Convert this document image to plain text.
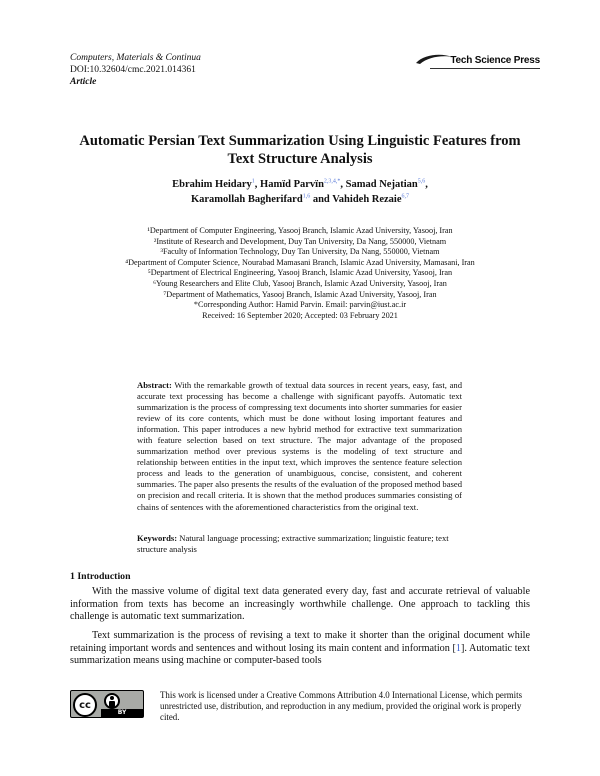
Computers, Materials & Continua
DOI:10.32604/cmc.2021.014361
Article
Tech Science Press
Automatic Persian Text Summarization Using Linguistic Features from Text Structure Analysis
Ebrahim Heidary$^1$, Hamïd Parvïn$^{2,3,4,*}$, Samad Nejatian$^{5,6}$,
Karamollah Bagherifard$^{1,6}$ and Vahideh Rezaie$^{6,7}$
¹Department of Computer Engineering, Yasooj Branch, Islamic Azad University, Yasooj, Iran
²Institute of Research and Development, Duy Tan University, Da Nang, 550000, Vietnam
³Faculty of Information Technology, Duy Tan University, Da Nang, 550000, Vietnam
⁴Department of Computer Science, Nourabad Mamasani Branch, Islamic Azad University, Mamasani, Iran
⁵Department of Electrical Engineering, Yasooj Branch, Islamic Azad University, Yasooj, Iran
⁶Young Researchers and Elite Club, Yasooj Branch, Islamic Azad University, Yasooj, Iran
⁷Department of Mathematics, Yasooj Branch, Islamic Azad University, Yasooj, Iran
*Corresponding Author: Hamid Parvin. Email: parvin@iust.ac.ir
Received: 16 September 2020; Accepted: 03 February 2021
Abstract: With the remarkable growth of textual data sources in recent years, easy, fast, and accurate text processing has become a challenge with significant payoffs. Automatic text summarization is the process of compressing text documents into shorter summaries for easier review of its core contents, which must be done without losing important features and information. This paper introduces a new hybrid method for extractive text summarization with feature selection based on text structure. The major advantage of the proposed summarization method over previous systems is the modeling of text structure and relationship between entities in the input text, which improves the sentence feature selection process and leads to the generation of unambiguous, concise, consistent, and coherent summaries. The paper also presents the results of the evaluation of the proposed method based on precision and recall criteria. It is shown that the method produces summaries consisting of chains of sentences with the aforementioned characteristics from the original text.
Keywords: Natural language processing; extractive summarization; linguistic feature; text structure analysis
1 Introduction

With the massive volume of digital text data generated every day, fast and accurate retrieval of valuable information from texts has become an increasingly worthwhile challenge. One approach to tackling this challenge is automatic text summarization.

Text summarization is the process of revising a text to make it shorter than the original document while retaining important words and sentences and without losing its main content and information [1]. Automatic text summarization means using machine or computer-based tools

cc
BY
This work is licensed under a Creative Commons Attribution 4.0 International License, which permits unrestricted use, distribution, and reproduction in any medium, provided the original work is properly cited.
